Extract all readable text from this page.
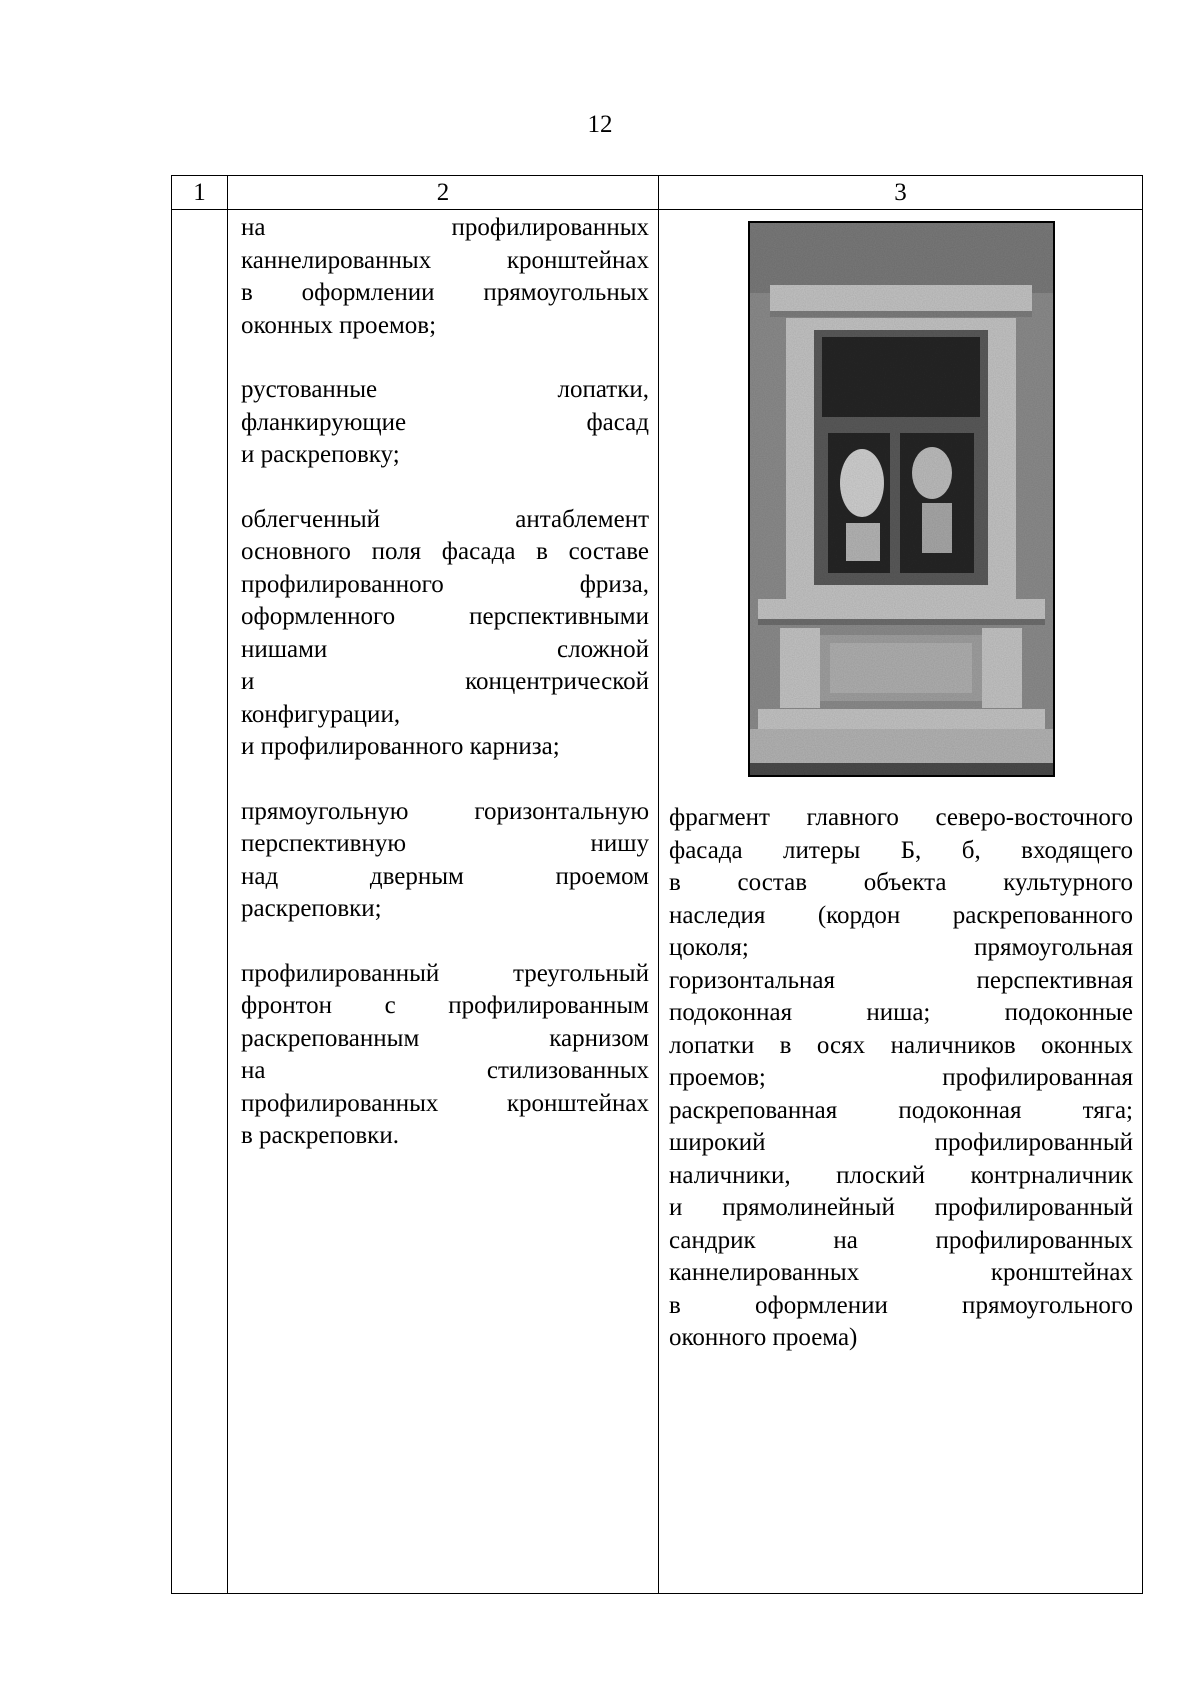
12
1	2	3

на профилированных
каннелированных кронштейнах
в оформлении прямоугольных
оконных проемов;

рустованные лопатки,
фланкирующие фасад
и раскреповку;

облегченный антаблемент
основного поля фасада в составе
профилированного фриза,
оформленного перспективными
нишами сложной
и концентрической
конфигурации,
и профилированного карниза;

прямоугольную горизонтальную
перспективную нишу
над дверным проемом
раскреповки;

профилированный треугольный
фронтон с профилированным
раскрепованным карнизом
на стилизованных
профилированных кронштейнах
в раскреповки.

фрагмент главного северо-восточного
фасада литеры Б, б, входящего
в состав объекта культурного
наследия (кордон раскрепованного
цоколя; прямоугольная
горизонтальная перспективная
подоконная ниша; подоконные
лопатки в осях наличников оконных
проемов; профилированная
раскрепованная подоконная тяга;
широкий профилированный
наличники, плоский контрналичник
и прямолинейный профилированный
сандрик на профилированных
каннелированных кронштейнах
в оформлении прямоугольного
оконного проема)
